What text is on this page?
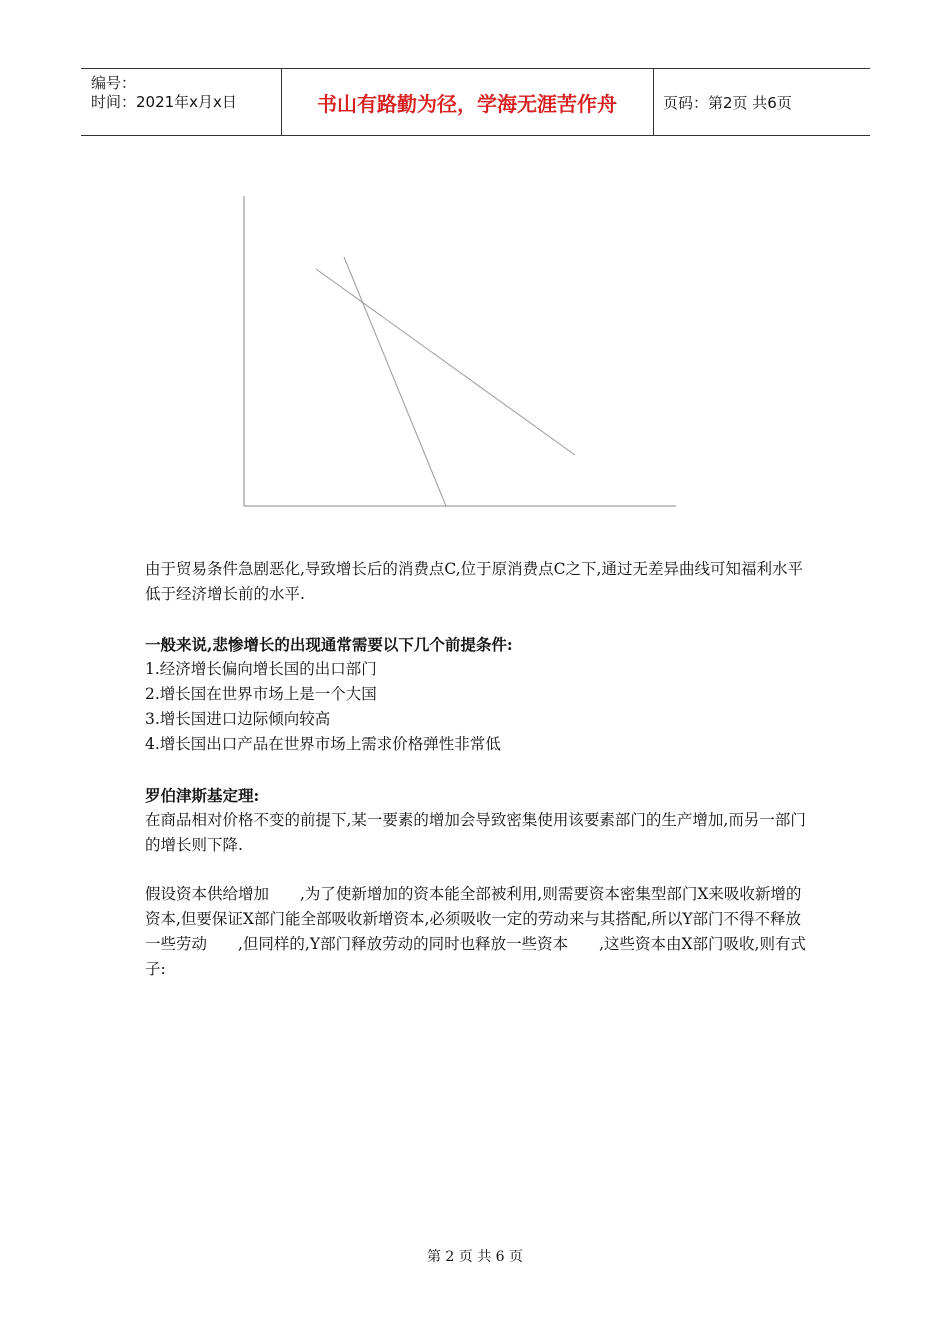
编号：
时间：2021年x月x日	书山有路勤为径，学海无涯苦作舟	页码：第2页 共6页
由于贸易条件急剧恶化,导致增长后的消费点C,位于原消费点C之下,通过无差异曲线可知福利水平低于经济增长前的水平.
一般来说,悲惨增长的出现通常需要以下几个前提条件:
1.经济增长偏向增长国的出口部门
2.增长国在世界市场上是一个大国
3.增长国进口边际倾向较高
4.增长国出口产品在世界市场上需求价格弹性非常低
罗伯津斯基定理:
在商品相对价格不变的前提下,某一要素的增加会导致密集使用该要素部门的生产增加,而另一部门的增长则下降.
假设资本供给增加　　,为了使新增加的资本能全部被利用,则需要资本密集型部门X来吸收新增的资本,但要保证X部门能全部吸收新增资本,必须吸收一定的劳动来与其搭配,所以Y部门不得不释放一些劳动　　,但同样的,Y部门释放劳动的同时也释放一些资本　　,这些资本由X部门吸收,则有式子:
第 2 页 共 6 页
